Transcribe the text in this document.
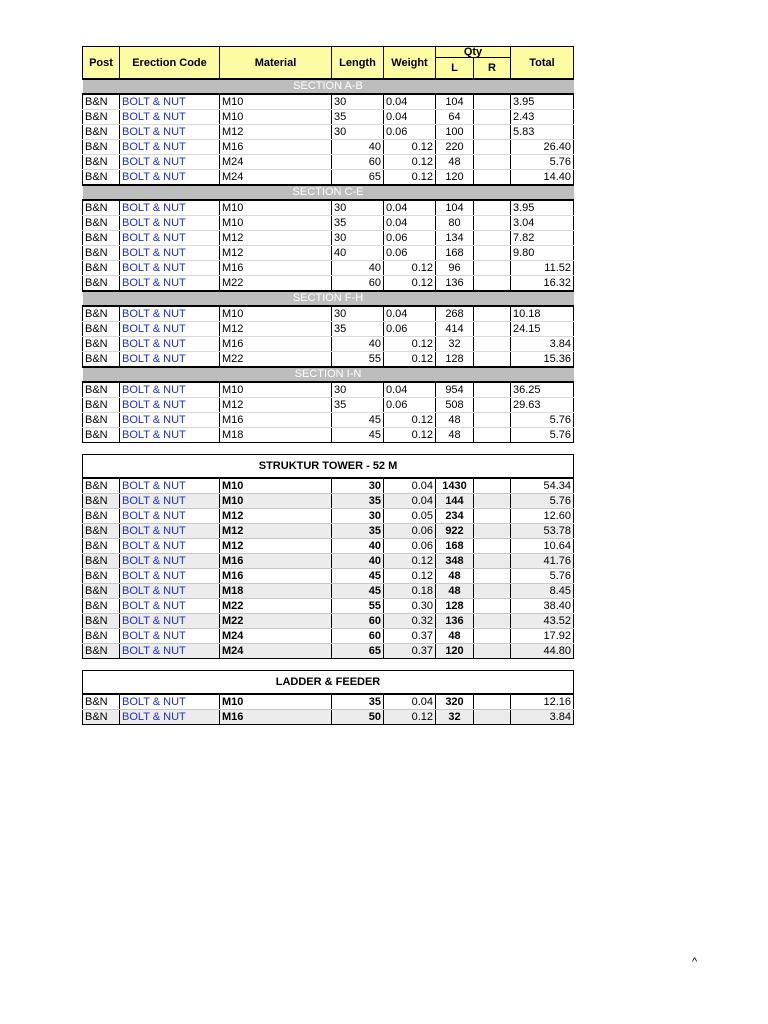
Post	Erection Code	Material	Length	Weight	Qty		Total
					L	R	
SECTION A-B							
B&N	BOLT & NUT	M10	30	0.04	104		3.95
B&N	BOLT & NUT	M10	35	0.04	64		2.43
B&N	BOLT & NUT	M12	30	0.06	100		5.83
B&N	BOLT & NUT	M16	40	0.12	220		26.40
B&N	BOLT & NUT	M24	60	0.12	48		5.76
B&N	BOLT & NUT	M24	65	0.12	120		14.40
SECTION C-E							
B&N	BOLT & NUT	M10	30	0.04	104		3.95
B&N	BOLT & NUT	M10	35	0.04	80		3.04
B&N	BOLT & NUT	M12	30	0.06	134		7.82
B&N	BOLT & NUT	M12	40	0.06	168		9.80
B&N	BOLT & NUT	M16	40	0.12	96		11.52
B&N	BOLT & NUT	M22	60	0.12	136		16.32
SECTION F-H							
B&N	BOLT & NUT	M10	30	0.04	268		10.18
B&N	BOLT & NUT	M12	35	0.06	414		24.15
B&N	BOLT & NUT	M16	40	0.12	32		3.84
B&N	BOLT & NUT	M22	55	0.12	128		15.36
SECTION I-N							
B&N	BOLT & NUT	M10	30	0.04	954		36.25
B&N	BOLT & NUT	M12	35	0.06	508		29.63
B&N	BOLT & NUT	M16	45	0.12	48		5.76
B&N	BOLT & NUT	M18	45	0.12	48		5.76
STRUKTUR TOWER - 52 M							
B&N	BOLT & NUT	M10	30	0.04	1430		54.34
B&N	BOLT & NUT	M10	35	0.04	144		5.76
B&N	BOLT & NUT	M12	30	0.05	234		12.60
B&N	BOLT & NUT	M12	35	0.06	922		53.78
B&N	BOLT & NUT	M12	40	0.06	168		10.64
B&N	BOLT & NUT	M16	40	0.12	348		41.76
B&N	BOLT & NUT	M16	45	0.12	48		5.76
B&N	BOLT & NUT	M18	45	0.18	48		8.45
B&N	BOLT & NUT	M22	55	0.30	128		38.40
B&N	BOLT & NUT	M22	60	0.32	136		43.52
B&N	BOLT & NUT	M24	60	0.37	48		17.92
B&N	BOLT & NUT	M24	65	0.37	120		44.80
LADDER & FEEDER							
B&N	BOLT & NUT	M10	35	0.04	320		12.16
B&N	BOLT & NUT	M16	50	0.12	32		3.84
^
